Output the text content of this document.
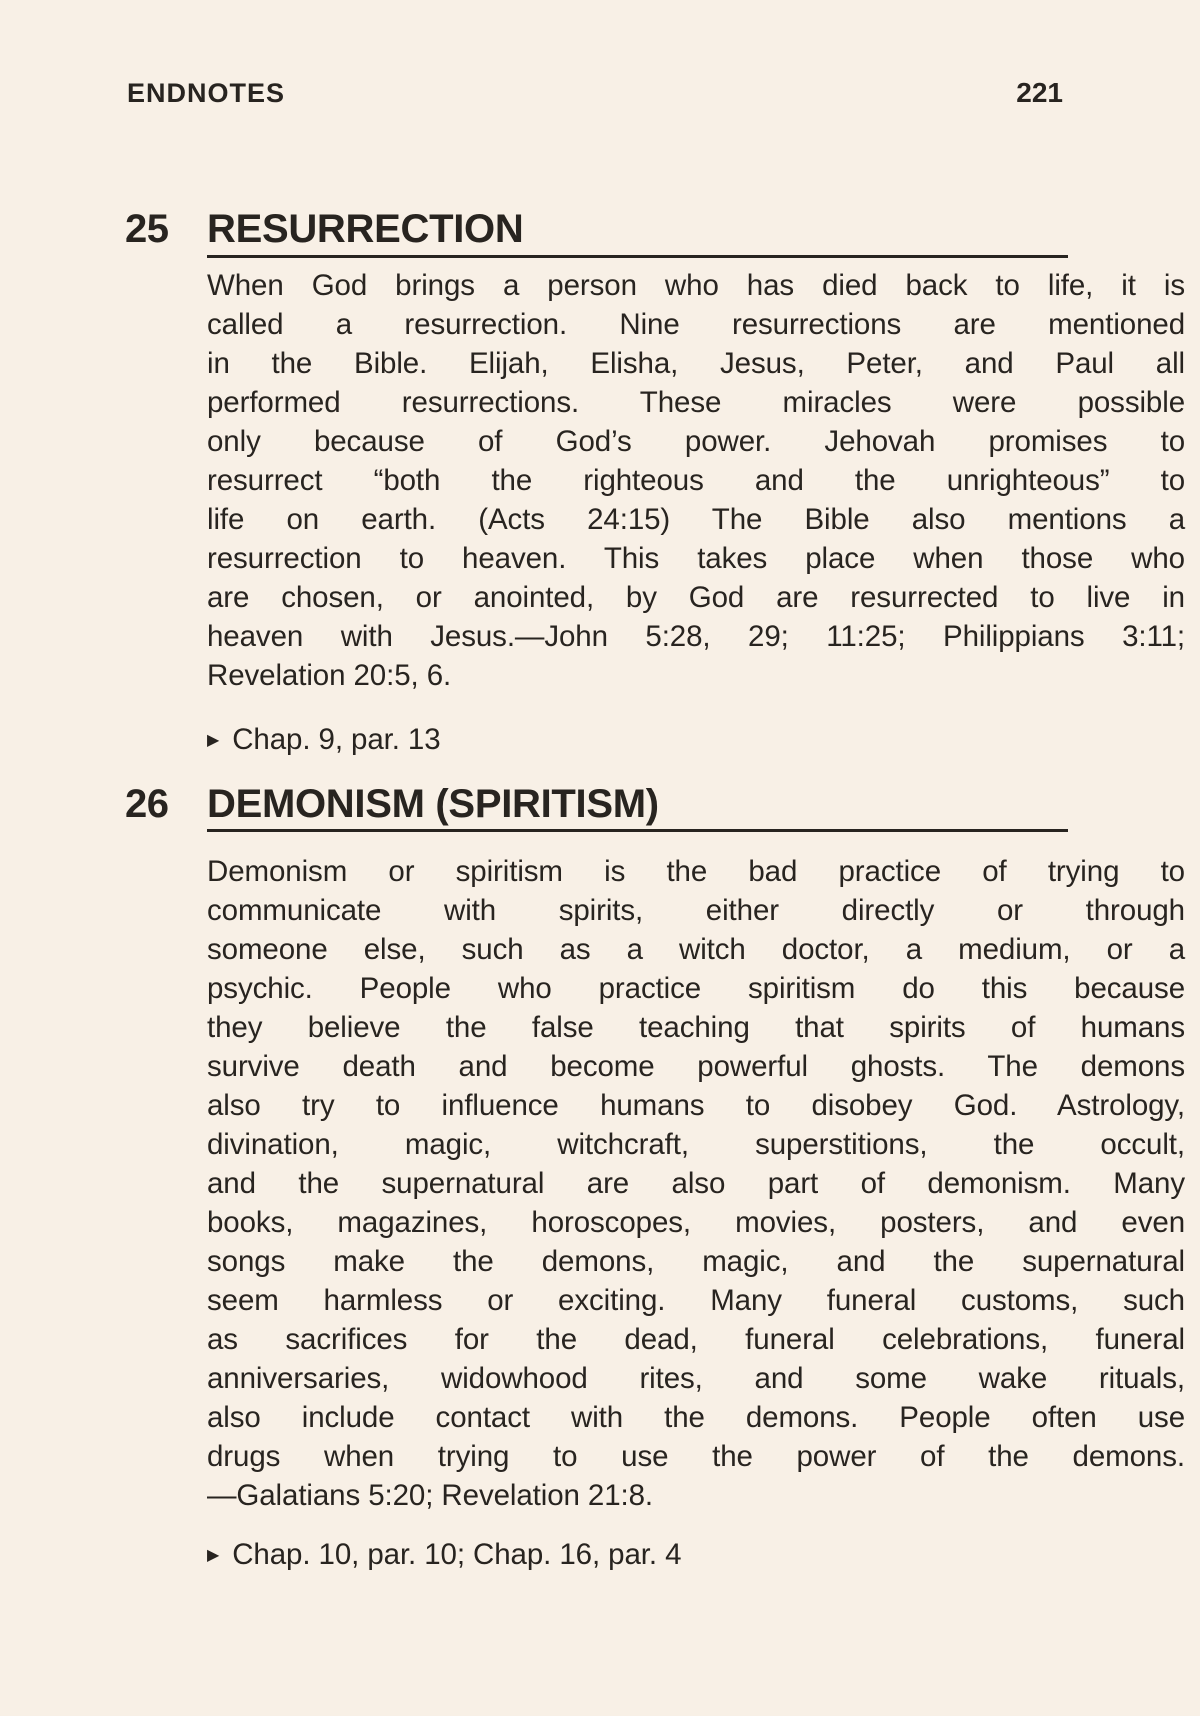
ENDNOTES	221
25 RESURRECTION
When God brings a person who has died back to life, it is
called a resurrection. Nine resurrections are mentioned
in the Bible. Elijah, Elisha, Jesus, Peter, and Paul all
performed resurrections. These miracles were possible
only because of God’s power. Jehovah promises to
resurrect “both the righteous and the unrighteous” to
life on earth. (Acts 24:15) The Bible also mentions a
resurrection to heaven. This takes place when those who
are chosen, or anointed, by God are resurrected to live in
heaven with Jesus.—John 5:28, 29; 11:25; Philippians 3:11;
Revelation 20:5, 6.
▶ Chap. 9, par. 13
26 DEMONISM (SPIRITISM)
Demonism or spiritism is the bad practice of trying to
communicate with spirits, either directly or through
someone else, such as a witch doctor, a medium, or a
psychic. People who practice spiritism do this because
they believe the false teaching that spirits of humans
survive death and become powerful ghosts. The demons
also try to influence humans to disobey God. Astrology,
divination, magic, witchcraft, superstitions, the occult,
and the supernatural are also part of demonism. Many
books, magazines, horoscopes, movies, posters, and even
songs make the demons, magic, and the supernatural
seem harmless or exciting. Many funeral customs, such
as sacrifices for the dead, funeral celebrations, funeral
anniversaries, widowhood rites, and some wake rituals,
also include contact with the demons. People often use
drugs when trying to use the power of the demons.
—Galatians 5:20; Revelation 21:8.
▶ Chap. 10, par. 10; Chap. 16, par. 4
